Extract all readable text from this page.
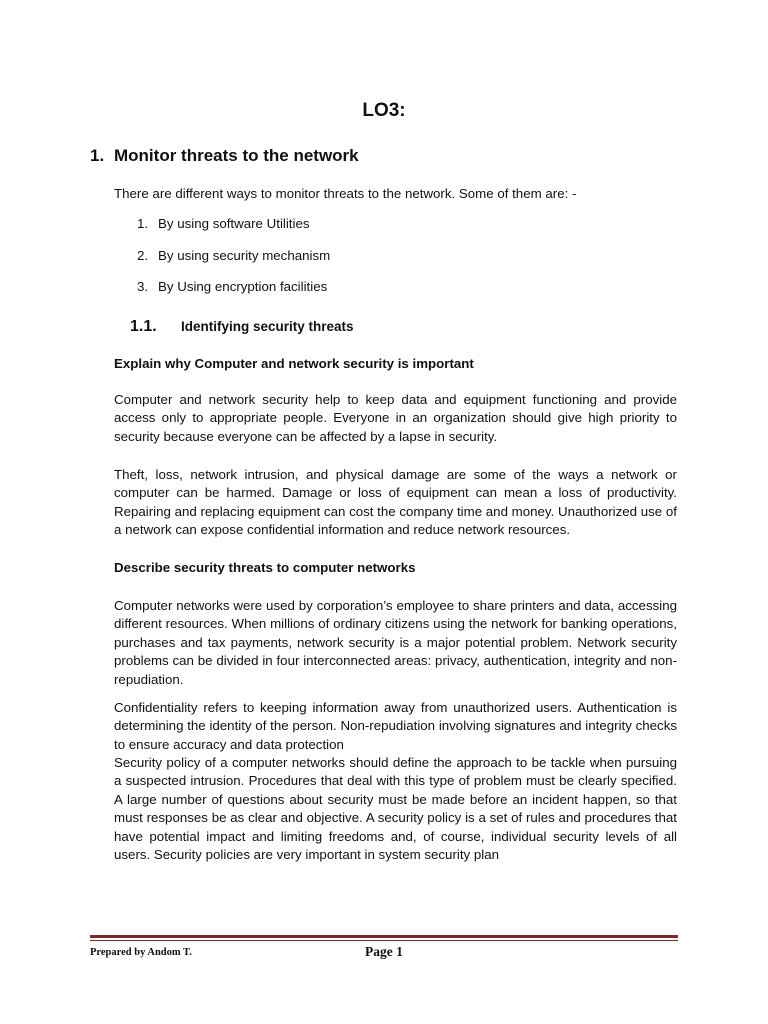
LO3:
1. Monitor threats to the network
There are different ways to monitor threats to the network. Some of them are: -
1. By using software Utilities
2. By using security mechanism
3. By Using encryption facilities
1.1. Identifying security threats
Explain why Computer and network security is important
Computer and network security help to keep data and equipment functioning and provide access only to appropriate people. Everyone in an organization should give high priority to security because everyone can be affected by a lapse in security.
Theft, loss, network intrusion, and physical damage are some of the ways a network or computer can be harmed. Damage or loss of equipment can mean a loss of productivity. Repairing and replacing equipment can cost the company time and money. Unauthorized use of a network can expose confidential information and reduce network resources.
Describe security threats to computer networks
Computer networks were used by corporation’s employee to share printers and data, accessing different resources. When millions of ordinary citizens using the network for banking operations, purchases and tax payments, network security is a major potential problem. Network security problems can be divided in four interconnected areas: privacy, authentication, integrity and non-repudiation.
Confidentiality refers to keeping information away from unauthorized users. Authentication is determining the identity of the person. Non-repudiation involving signatures and integrity checks to ensure accuracy and data protection
Security policy of a computer networks should define the approach to be tackle when pursuing a suspected intrusion. Procedures that deal with this type of problem must be clearly specified. A large number of questions about security must be made before an incident happen, so that must responses be as clear and objective. A security policy is a set of rules and procedures that have potential impact and limiting freedoms and, of course, individual security levels of all users. Security policies are very important in system security plan
Prepared by Andom T.	Page 1
